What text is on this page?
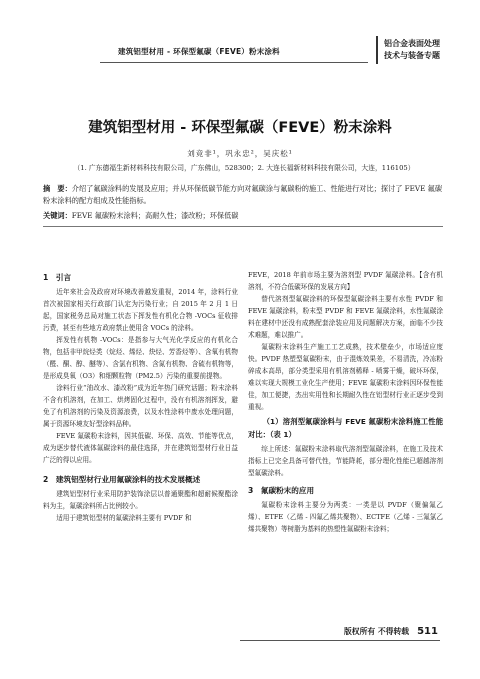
建筑铝型材用 - 环保型氟碳（FEVE）粉末涂料
铝合金表面处理
技术与装备专题
建筑铝型材用 - 环保型氟碳（FEVE）粉末涂料
刘竞非¹，巩永忠²，吴庆松¹
（1. 广东德福生新材料科技有限公司，广东佛山，528300；2. 大连长福新材料科技有限公司，大连，116105）
摘　要：介绍了氟碳涂料的发展及应用；并从环保低碳节能方向对氟碳涂与氟碳粉的施工、性能进行对比；探讨了 FEVE 氟碳粉末涂料的配方组成及性能指标。
关键词：FEVE 氟碳粉末涂料；高耐久性；漆改粉；环保低碳
1　引言

近年来社会及政府对环境改善越发重视，2014 年，涂料行业首次被国家相关行政部门认定为污染行业；自 2015 年 2 月 1 日起，国家税务总局对施工状态下挥发性有机化合物 -VOCs 征收排污费，甚至有些地方政府禁止使用含 VOCs 的涂料。

挥发性有机物 -VOCs：是指参与大气光化学反应的有机化合物，包括非甲烷烃类（烷烃、烯烃、炔烃、芳香烃等）、含氧有机物（醛、酮、醇、醚等）、含氯有机物、含氮有机物、含硫有机物等，是形成臭氧（O3）和细颗粒物（PM2.5）污染的重要前提物。

涂料行业“油改水、漆改粉”成为近年热门研究话题；粉末涂料不含有机溶剂，在加工、烘烤固化过程中，没有有机溶剂挥发，避免了有机溶剂的污染及资源浪费，以及水性涂料中废水处理问题，属于资源环境友好型涂料品种。

FEVE 氟碳粉末涂料，因其低碳、环保、高效、节能等优点，成为逐步替代液体氟碳涂料的最佳选择，并在建筑铝型材行业日益广泛的得以应用。

2　建筑铝型材行业用氟碳涂料的技术发展概述

建筑铝型材行业采用防护装饰涂层以普通聚酯和超耐候聚酯涂料为主，氟碳涂料所占比例较小。

适用于建筑铝型材的氟碳涂料主要有 PVDF 和

FEVE，2018 年前市场主要为溶剂型 PVDF 氟碳涂料。【含有机溶剂，不符合低碳环保的发展方向】

替代溶剂型氟碳涂料的环保型氟碳涂料主要有水性 PVDF 和 FEVE 氟碳涂料，粉末型 PVDF 和 FEVE 氟碳涂料，水性氟碳涂料在建材中还没有成熟配套涂装应用及问题解决方案，面临不少技术难题，难以推广。

氟碳粉末涂料生产施工工艺成熟，技术壁垒少，市场适应度快。PVDF 热塑型氟碳粉末，由于混炼效果差，不易清洗，冷冻粉碎成本高昂，部分类型采用有机溶剂稀释 - 喷雾干燥，破坏环保，难以实现大规模工业化生产使用；FEVE 氟碳粉末涂料因环保性能佳，加工便捷，杰出实用性和长期耐久性在铝型材行业正逐步受到重视。

（1）溶剂型氟碳涂料与 FEVE 氟碳粉末涂料施工性能对比：（表 1）

综上所述：氟碳粉末涂料取代溶剂型氟碳涂料，在施工及技术指标上已完全具备可替代性，节能降耗，部分理化性能已超越溶剂型氟碳涂料。

3　氟碳粉末的应用

氟碳粉末涂料主要分为两类：一类是以 PVDF（聚偏氟乙烯）、ETFE（乙烯 - 四氟乙烯共聚物）、ECTFE（乙烯 - 三氟氯乙烯共聚物）等树脂为基料的热塑性氟碳粉末涂料；

版权所有 不得转载 511
